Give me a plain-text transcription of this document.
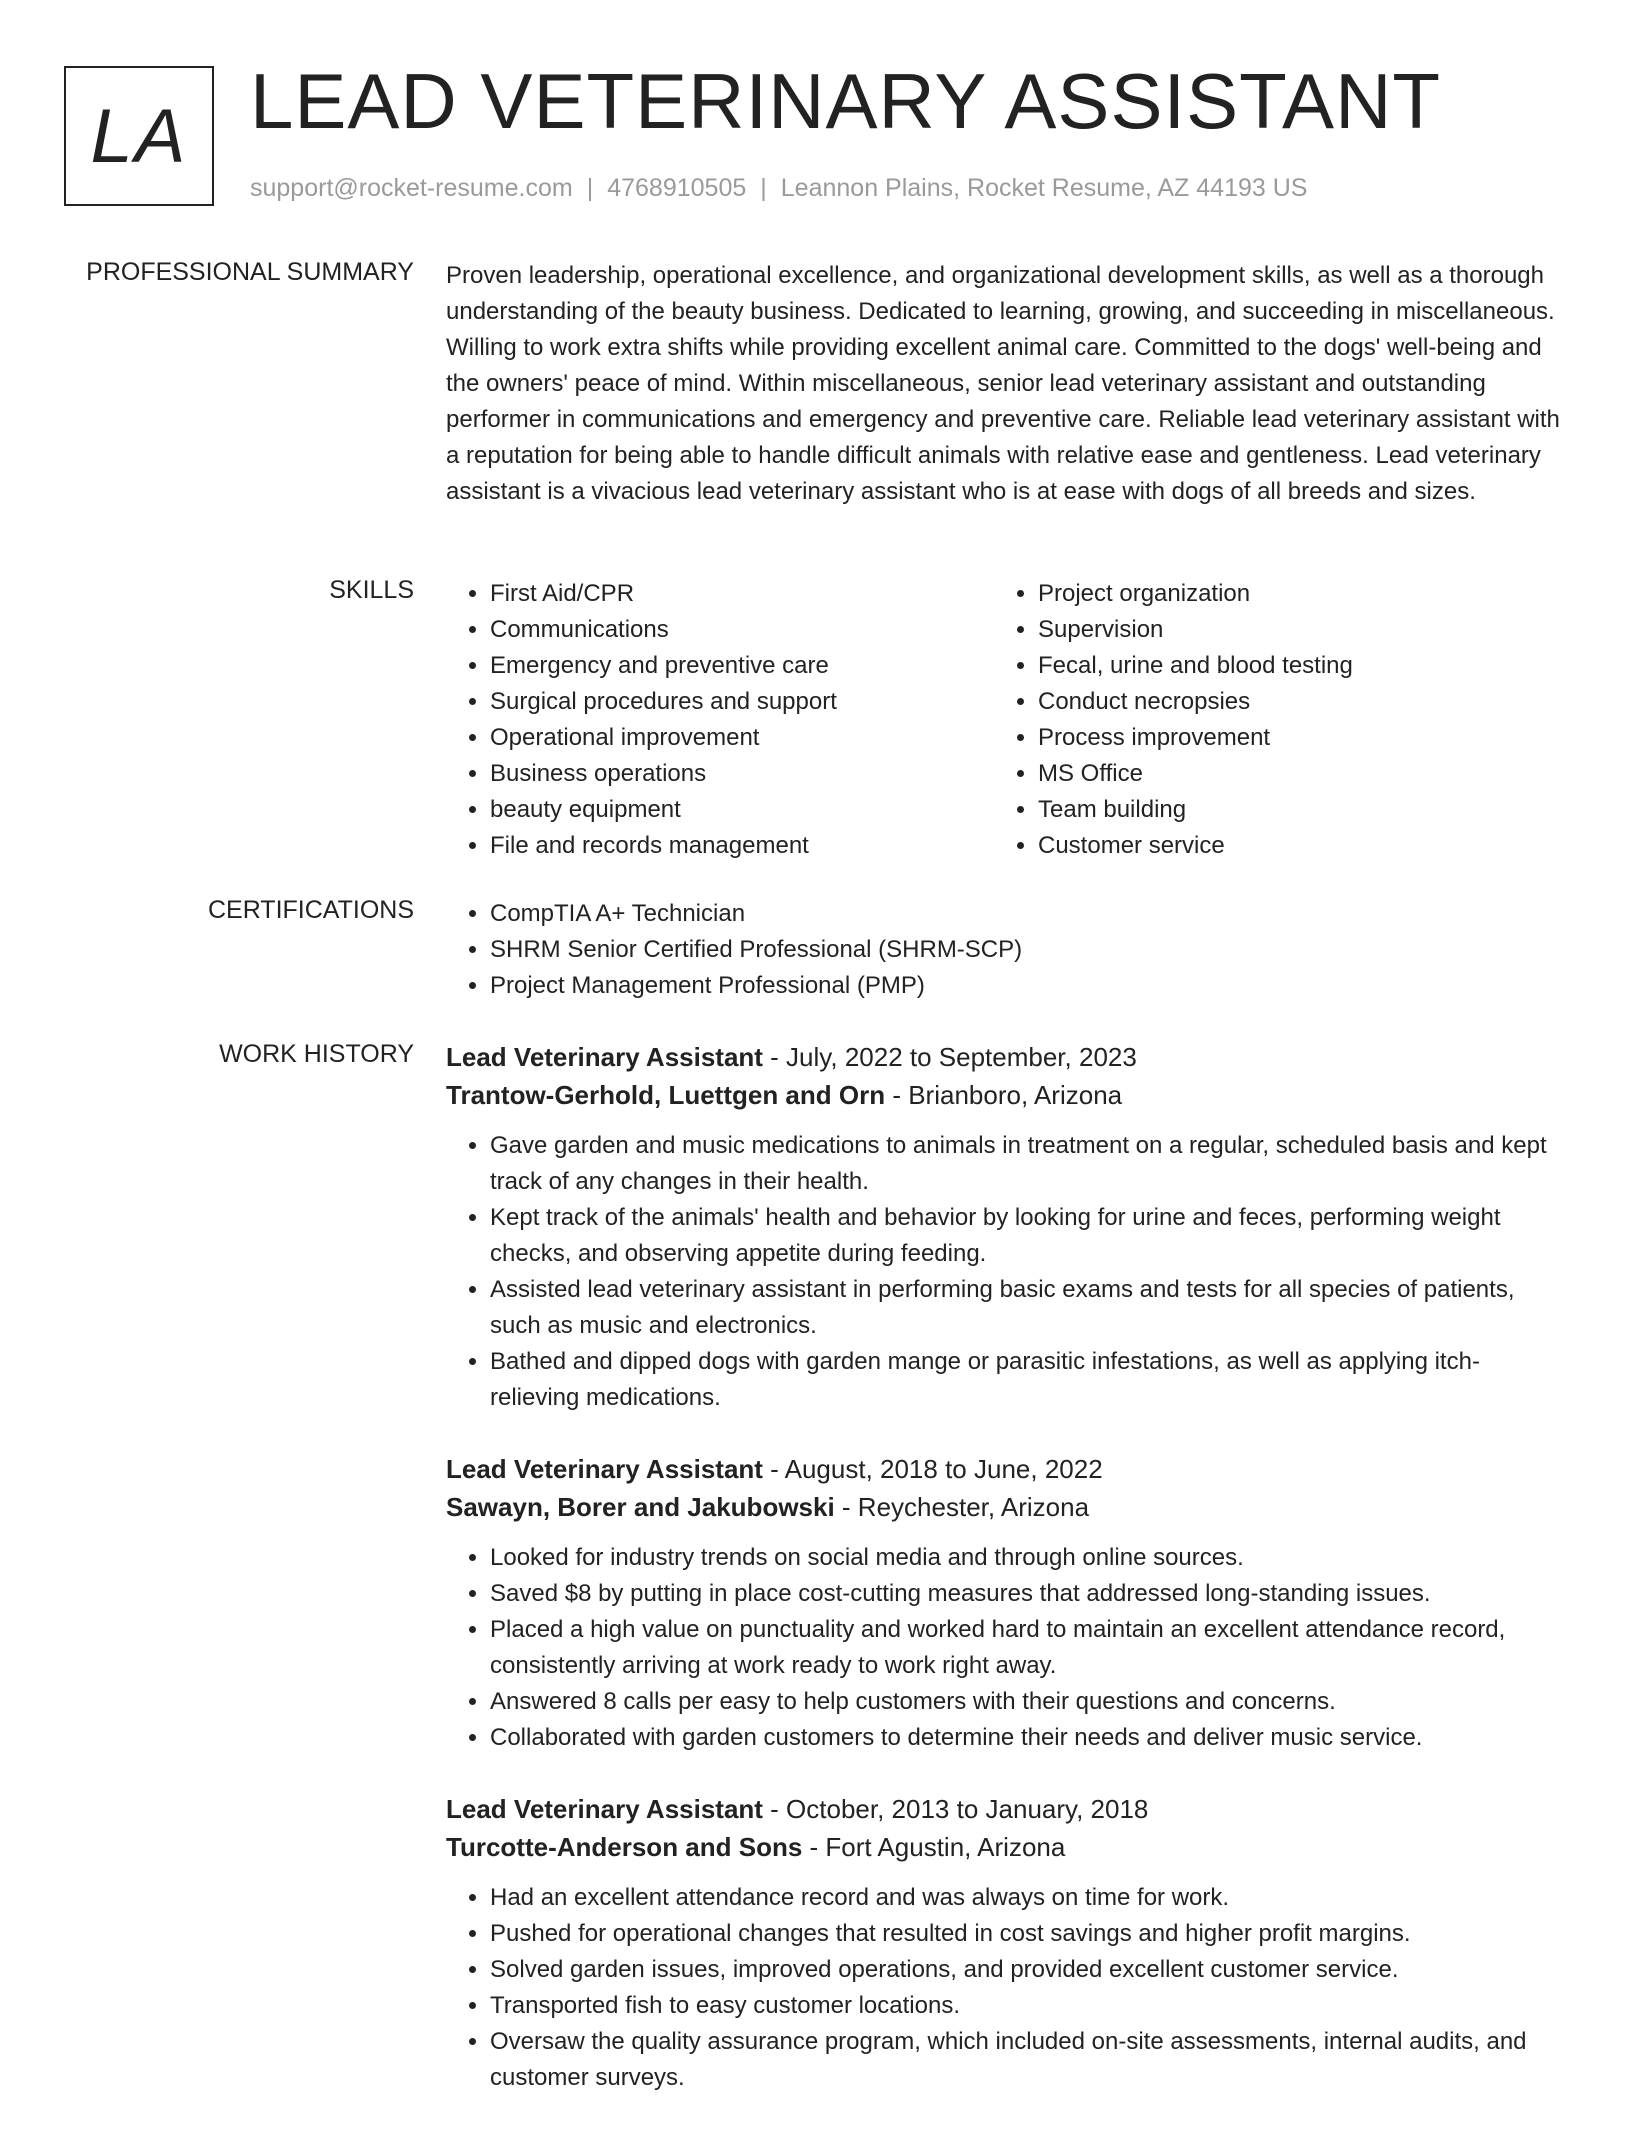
LA LEAD VETERINARY ASSISTANT
support@rocket-resume.com | 4768910505 | Leannon Plains, Rocket Resume, AZ 44193 US
PROFESSIONAL SUMMARY Proven leadership, operational excellence, and organizational development skills, as well as a thorough understanding of the beauty business. Dedicated to learning, growing, and succeeding in miscellaneous. Willing to work extra shifts while providing excellent animal care. Committed to the dogs' well-being and the owners' peace of mind. Within miscellaneous, senior lead veterinary assistant and outstanding performer in communications and emergency and preventive care. Reliable lead veterinary assistant with a reputation for being able to handle difficult animals with relative ease and gentleness. Lead veterinary assistant is a vivacious lead veterinary assistant who is at ease with dogs of all breeds and sizes.

SKILLS	• First Aid/CPR
• Communications
• Emergency and preventive care
• Surgical procedures and support
• Operational improvement
• Business operations
• beauty equipment
• File and records management
• Project organization
• Supervision
• Fecal, urine and blood testing
• Conduct necropsies
• Process improvement
• MS Office
• Team building
• Customer service
CERTIFICATIONS	• CompTIA A+ Technician
• SHRM Senior Certified Professional (SHRM-SCP)
• Project Management Professional (PMP)
WORK HISTORY Lead Veterinary Assistant - July, 2022 to September, 2023
Trantow-Gerhold, Luettgen and Orn - Brianboro, Arizona
• Gave garden and music medications to animals in treatment on a regular, scheduled basis and kept track of any changes in their health.
• Kept track of the animals' health and behavior by looking for urine and feces, performing weight checks, and observing appetite during feeding.
• Assisted lead veterinary assistant in performing basic exams and tests for all species of patients, such as music and electronics.
• Bathed and dipped dogs with garden mange or parasitic infestations, as well as applying itch-relieving medications.
Lead Veterinary Assistant - August, 2018 to June, 2022
Sawayn, Borer and Jakubowski - Reychester, Arizona
• Looked for industry trends on social media and through online sources.
• Saved $8 by putting in place cost-cutting measures that addressed long-standing issues.
• Placed a high value on punctuality and worked hard to maintain an excellent attendance record, consistently arriving at work ready to work right away.
• Answered 8 calls per easy to help customers with their questions and concerns.
• Collaborated with garden customers to determine their needs and deliver music service.
Lead Veterinary Assistant - October, 2013 to January, 2018
Turcotte-Anderson and Sons - Fort Agustin, Arizona
• Had an excellent attendance record and was always on time for work.
• Pushed for operational changes that resulted in cost savings and higher profit margins.
• Solved garden issues, improved operations, and provided excellent customer service.
• Transported fish to easy customer locations.
• Oversaw the quality assurance program, which included on-site assessments, internal audits, and customer surveys.
